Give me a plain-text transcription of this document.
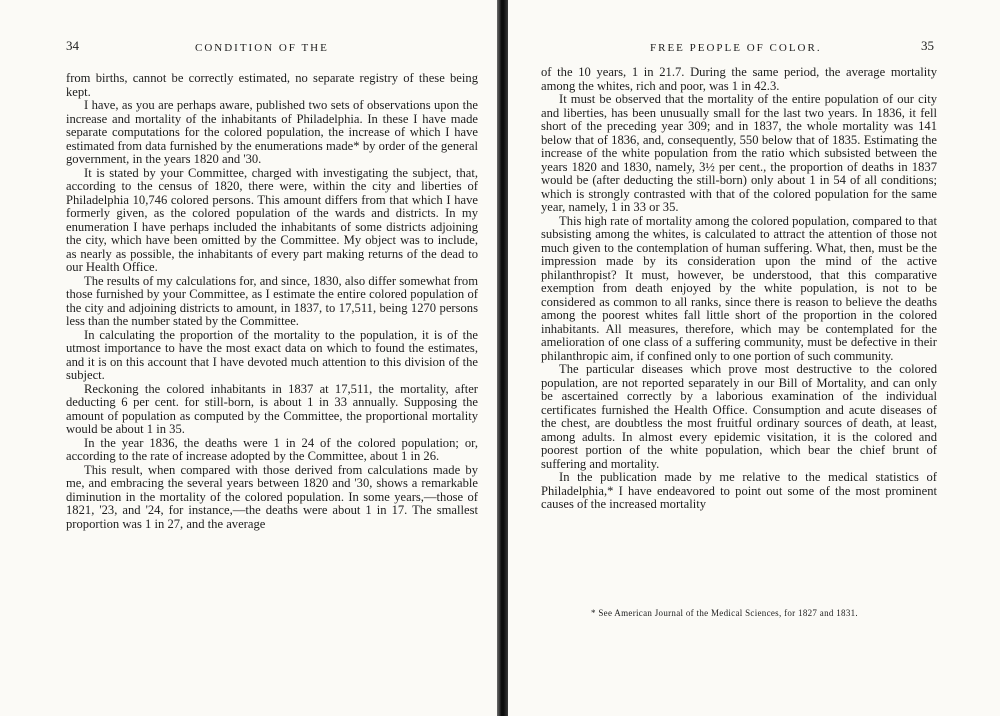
34	CONDITION OF THE

from births, cannot be correctly estimated, no separate registry of these being kept.

I have, as you are perhaps aware, published two sets of observations upon the increase and mortality of the inhabitants of Philadelphia. In these I have made separate computations for the colored population, the increase of which I have estimated from data furnished by the enumerations made* by order of the general government, in the years 1820 and '30.

It is stated by your Committee, charged with investigating the subject, that, according to the census of 1820, there were, within the city and liberties of Philadelphia 10,746 colored persons. This amount differs from that which I have formerly given, as the colored population of the wards and districts. In my enumeration I have perhaps included the inhabitants of some districts adjoining the city, which have been omitted by the Committee. My object was to include, as nearly as possible, the inhabitants of every part making returns of the dead to our Health Office.

The results of my calculations for, and since, 1830, also differ somewhat from those furnished by your Committee, as I estimate the entire colored population of the city and adjoining districts to amount, in 1837, to 17,511, being 1270 persons less than the number stated by the Committee.

In calculating the proportion of the mortality to the population, it is of the utmost importance to have the most exact data on which to found the estimates, and it is on this account that I have devoted much attention to this division of the subject.

Reckoning the colored inhabitants in 1837 at 17,511, the mortality, after deducting 6 per cent. for still-born, is about 1 in 33 annually. Supposing the amount of population as computed by the Committee, the proportional mortality would be about 1 in 35.

In the year 1836, the deaths were 1 in 24 of the colored population; or, according to the rate of increase adopted by the Committee, about 1 in 26.

This result, when compared with those derived from calculations made by me, and embracing the several years between 1820 and '30, shows a remarkable diminution in the mortality of the colored population. In some years,—those of 1821, '23, and '24, for instance,—the deaths were about 1 in 17. The smallest proportion was 1 in 27, and the average

FREE PEOPLE OF COLOR.	35

of the 10 years, 1 in 21.7. During the same period, the average mortality among the whites, rich and poor, was 1 in 42.3.

It must be observed that the mortality of the entire population of our city and liberties, has been unusually small for the last two years. In 1836, it fell short of the preceding year 309; and in 1837, the whole mortality was 141 below that of 1836, and, consequently, 550 below that of 1835. Estimating the increase of the white population from the ratio which subsisted between the years 1820 and 1830, namely, 3½ per cent., the proportion of deaths in 1837 would be (after deducting the still-born) only about 1 in 54 of all conditions; which is strongly contrasted with that of the colored population for the same year, namely, 1 in 33 or 35.

This high rate of mortality among the colored population, compared to that subsisting among the whites, is calculated to attract the attention of those not much given to the contemplation of human suffering. What, then, must be the impression made by its consideration upon the mind of the active philanthropist? It must, however, be understood, that this comparative exemption from death enjoyed by the white population, is not to be considered as common to all ranks, since there is reason to believe the deaths among the poorest whites fall little short of the proportion in the colored inhabitants. All measures, therefore, which may be contemplated for the amelioration of one class of a suffering community, must be defective in their philanthropic aim, if confined only to one portion of such community.

The particular diseases which prove most destructive to the colored population, are not reported separately in our Bill of Mortality, and can only be ascertained correctly by a laborious examination of the individual certificates furnished the Health Office. Consumption and acute diseases of the chest, are doubtless the most fruitful ordinary sources of death, at least, among adults. In almost every epidemic visitation, it is the colored and poorest portion of the white population, which bear the chief brunt of suffering and mortality.

In the publication made by me relative to the medical statistics of Philadelphia,* I have endeavored to point out some of the most prominent causes of the increased mortality

* See American Journal of the Medical Sciences, for 1827 and 1831.
